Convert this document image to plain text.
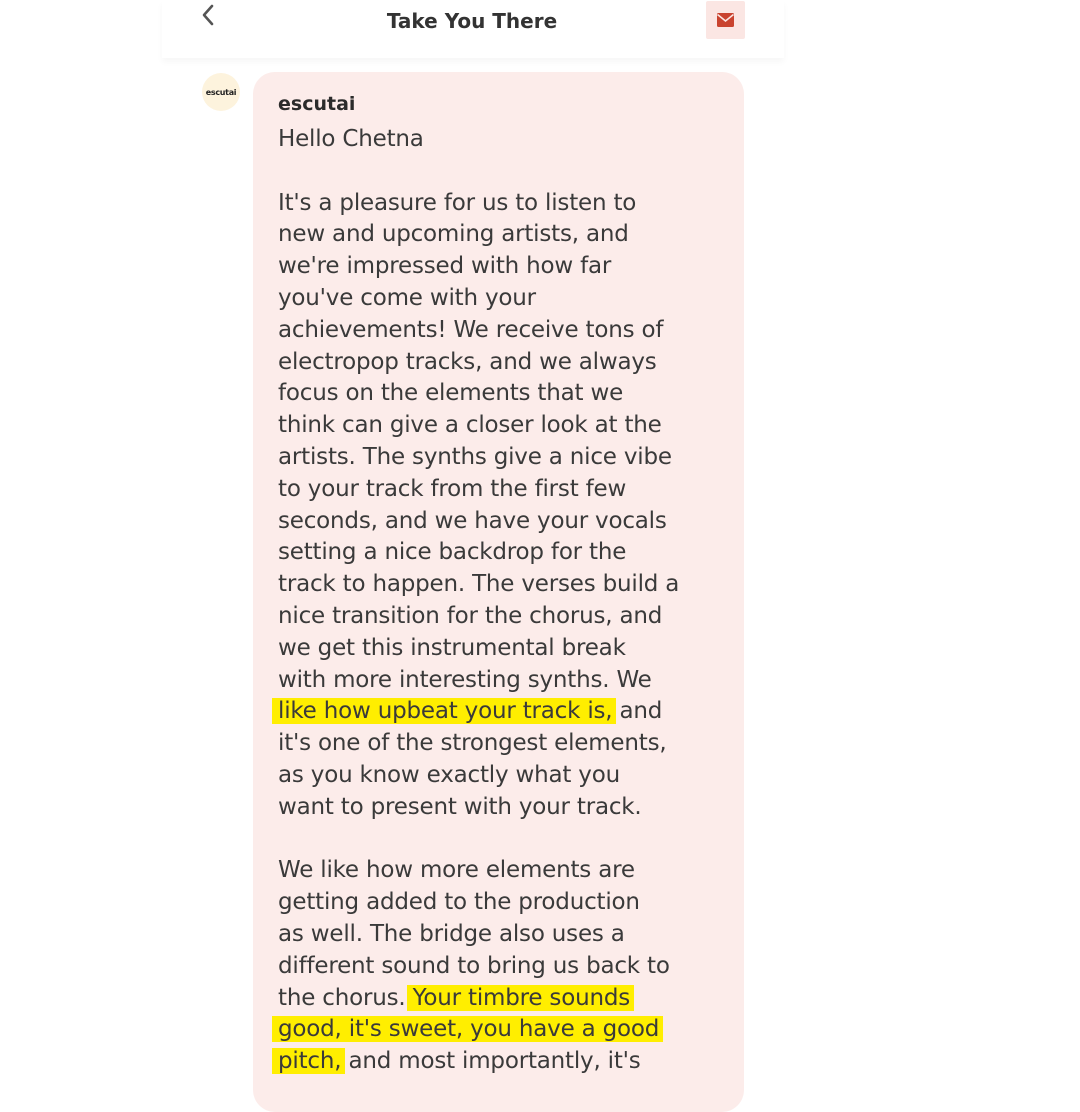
Take You There
escutai
escutai
Hello Chetna
It's a pleasure for us to listen to
new and upcoming artists, and
we're impressed with how far
you've come with your
achievements! We receive tons of
electropop tracks, and we always
focus on the elements that we
think can give a closer look at the
artists. The synths give a nice vibe
to your track from the first few
seconds, and we have your vocals
setting a nice backdrop for the
track to happen. The verses build a
nice transition for the chorus, and
we get this instrumental break
with more interesting synths. We
like how upbeat your track is, and
it's one of the strongest elements,
as you know exactly what you
want to present with your track.
We like how more elements are
getting added to the production
as well. The bridge also uses a
different sound to bring us back to
the chorus. Your timbre sounds
good, it's sweet, you have a good
pitch, and most importantly, it's
